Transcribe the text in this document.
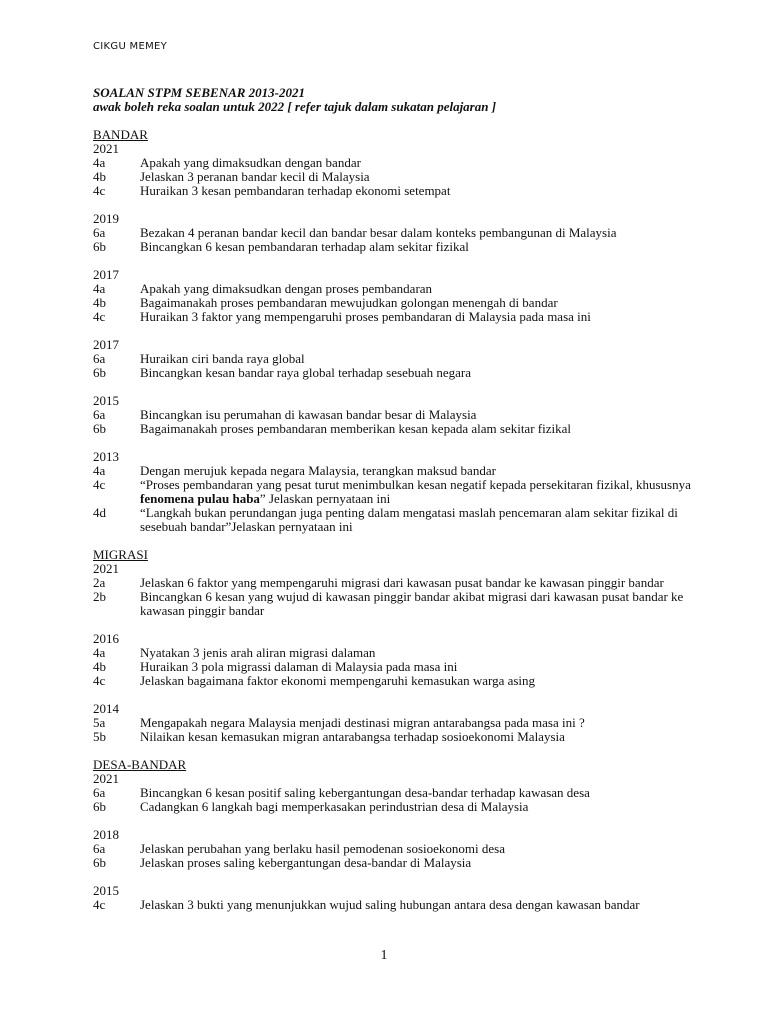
CIKGU MEMEY
SOALAN STPM SEBENAR 2013-2021
awak boleh reka soalan untuk 2022 [ refer tajuk dalam sukatan pelajaran ]
BANDAR
2021
4a	Apakah yang dimaksudkan dengan bandar
4b	Jelaskan 3 peranan bandar kecil di Malaysia
4c	Huraikan 3 kesan pembandaran terhadap ekonomi setempat
2019
6a	Bezakan 4 peranan bandar kecil dan bandar besar dalam konteks pembangunan di Malaysia
6b	Bincangkan 6 kesan pembandaran terhadap alam sekitar fizikal
2017
4a	Apakah yang dimaksudkan dengan proses pembandaran
4b	Bagaimanakah proses pembandaran mewujudkan golongan menengah di bandar
4c	Huraikan 3 faktor yang mempengaruhi proses pembandaran di Malaysia pada masa ini
2017
6a	Huraikan ciri banda raya global
6b	Bincangkan kesan bandar raya global terhadap sesebuah negara
2015
6a	Bincangkan isu perumahan di kawasan bandar besar di Malaysia
6b	Bagaimanakah proses pembandaran memberikan kesan kepada alam sekitar fizikal
2013
4a	Dengan merujuk kepada negara Malaysia, terangkan maksud bandar
4c	“Proses pembandaran yang pesat turut menimbulkan kesan negatif kepada persekitaran fizikal, khususnya fenomena pulau haba” Jelaskan pernyataan ini
4d	“Langkah bukan perundangan juga penting dalam mengatasi maslah pencemaran alam sekitar fizikal di sesebuah bandar”Jelaskan pernyataan ini
MIGRASI
2021
2a	Jelaskan 6 faktor yang mempengaruhi migrasi dari kawasan pusat bandar ke kawasan pinggir bandar
2b	Bincangkan 6 kesan yang wujud di kawasan pinggir bandar akibat migrasi dari kawasan pusat bandar ke kawasan pinggir bandar
2016
4a	Nyatakan 3 jenis arah aliran migrasi dalaman
4b	Huraikan 3 pola migrassi dalaman di Malaysia pada masa ini
4c	Jelaskan bagaimana faktor ekonomi mempengaruhi kemasukan warga asing
2014
5a	Mengapakah negara Malaysia menjadi destinasi migran antarabangsa pada masa ini ?
5b	Nilaikan kesan kemasukan migran antarabangsa terhadap sosioekonomi Malaysia
DESA-BANDAR
2021
6a	Bincangkan 6 kesan positif saling kebergantungan desa-bandar terhadap kawasan desa
6b	Cadangkan 6 langkah bagi memperkasakan perindustrian desa di Malaysia
2018
6a	Jelaskan perubahan yang berlaku hasil pemodenan sosioekonomi desa
6b	Jelaskan proses saling kebergantungan desa-bandar di Malaysia
2015
4c	Jelaskan 3 bukti yang menunjukkan wujud saling hubungan antara desa dengan kawasan bandar
1
